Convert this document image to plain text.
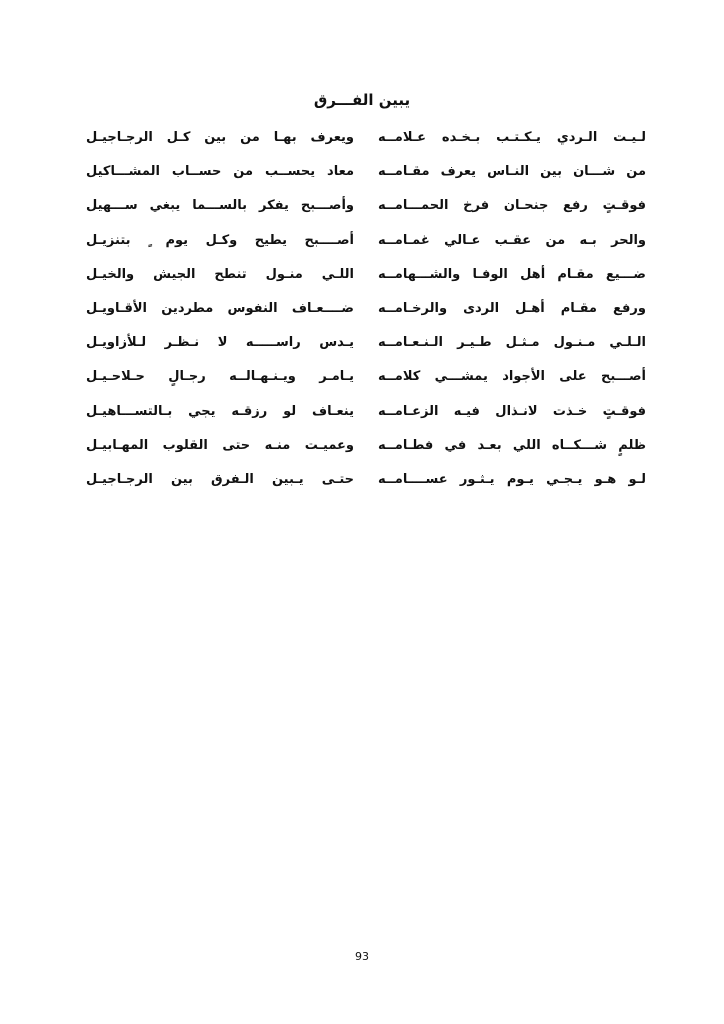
يبين الفـــرق
لـيـت الـردي يـكـتـب بـخـده عـلامــه
ويعرف بهـا من بين كـل الرجـاجيـل
من شـــان بين النـاس يعرف مقـامــه
معاد يحســب من حســاب المشـــاكيل
فوقـتٍ رفع جنحـان فرخ الحمـــامــه
وأصـــبح يفكر بالســـما يبغي ســـهيل
والحر بـه من عقـب عـالي غمـامــه
أصــــبح يطيح وكـل يوم ٍ بتنزيـل
ضـــيع مقـام أهل الوفـا والشـــهامــه
اللـي منـول تنطح الجيش والخيـل
ورفع مقـام أهـل الردى والرخـامــه
ضــــعـاف النفوس مطردين الأقـاويـل
الـلـي مـنـول مـثـل طـيـر الـنـعـامــه
يـدس راســـــه لا نـظـر لـلأزاويـل
أصـــبح على الأجواد يمشـــي كلامــه
يـامـر ويـنـهـالــه رجـالٍ حـلاحـيـل
فوقـتٍ خـذت لانـذال فيـه الزعـامــه
ينعـاف لو رزقـه يجي بـالتســـاهيـل
ظلمٍ شـــكــاه اللي بعـد في فطـامــه
وعميـت منـه حتى القلوب المهـابيـل
لـو هـو يـجـي يـوم يـثـور عســــامــه
حتـى يـبين الـفرق بين الرجـاجيـل
93
